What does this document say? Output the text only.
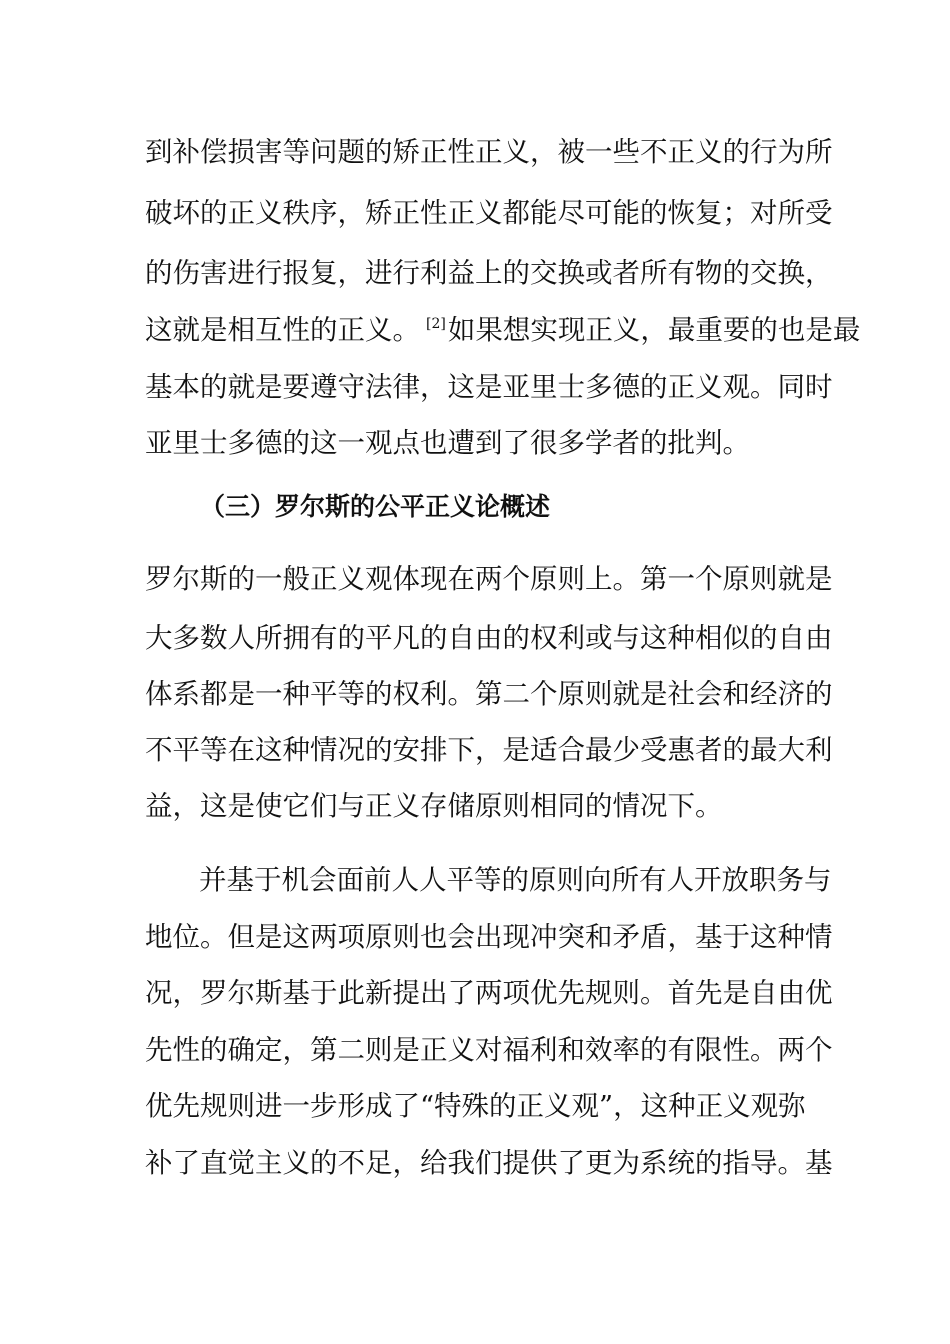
到补偿损害等问题的矫正性正义，被一些不正义的行为所
破坏的正义秩序，矫正性正义都能尽可能的恢复；对所受
的伤害进行报复，进行利益上的交换或者所有物的交换，
这就是相互性的正义。 [2]如果想实现正义，最重要的也是最
基本的就是要遵守法律，这是亚里士多德的正义观。同时
亚里士多德的这一观点也遭到了很多学者的批判。
（三）罗尔斯的公平正义论概述
罗尔斯的一般正义观体现在两个原则上。第一个原则就是
大多数人所拥有的平凡的自由的权利或与这种相似的自由
体系都是一种平等的权利。第二个原则就是社会和经济的
不平等在这种情况的安排下，是适合最少受惠者的最大利
益，这是使它们与正义存储原则相同的情况下。
并基于机会面前人人平等的原则向所有人开放职务与
地位。但是这两项原则也会出现冲突和矛盾，基于这种情
况，罗尔斯基于此新提出了两项优先规则。首先是自由优
先性的确定，第二则是正义对福利和效率的有限性。两个
优先规则进一步形成了“特殊的正义观”，这种正义观弥
补了直觉主义的不足，给我们提供了更为系统的指导。基
